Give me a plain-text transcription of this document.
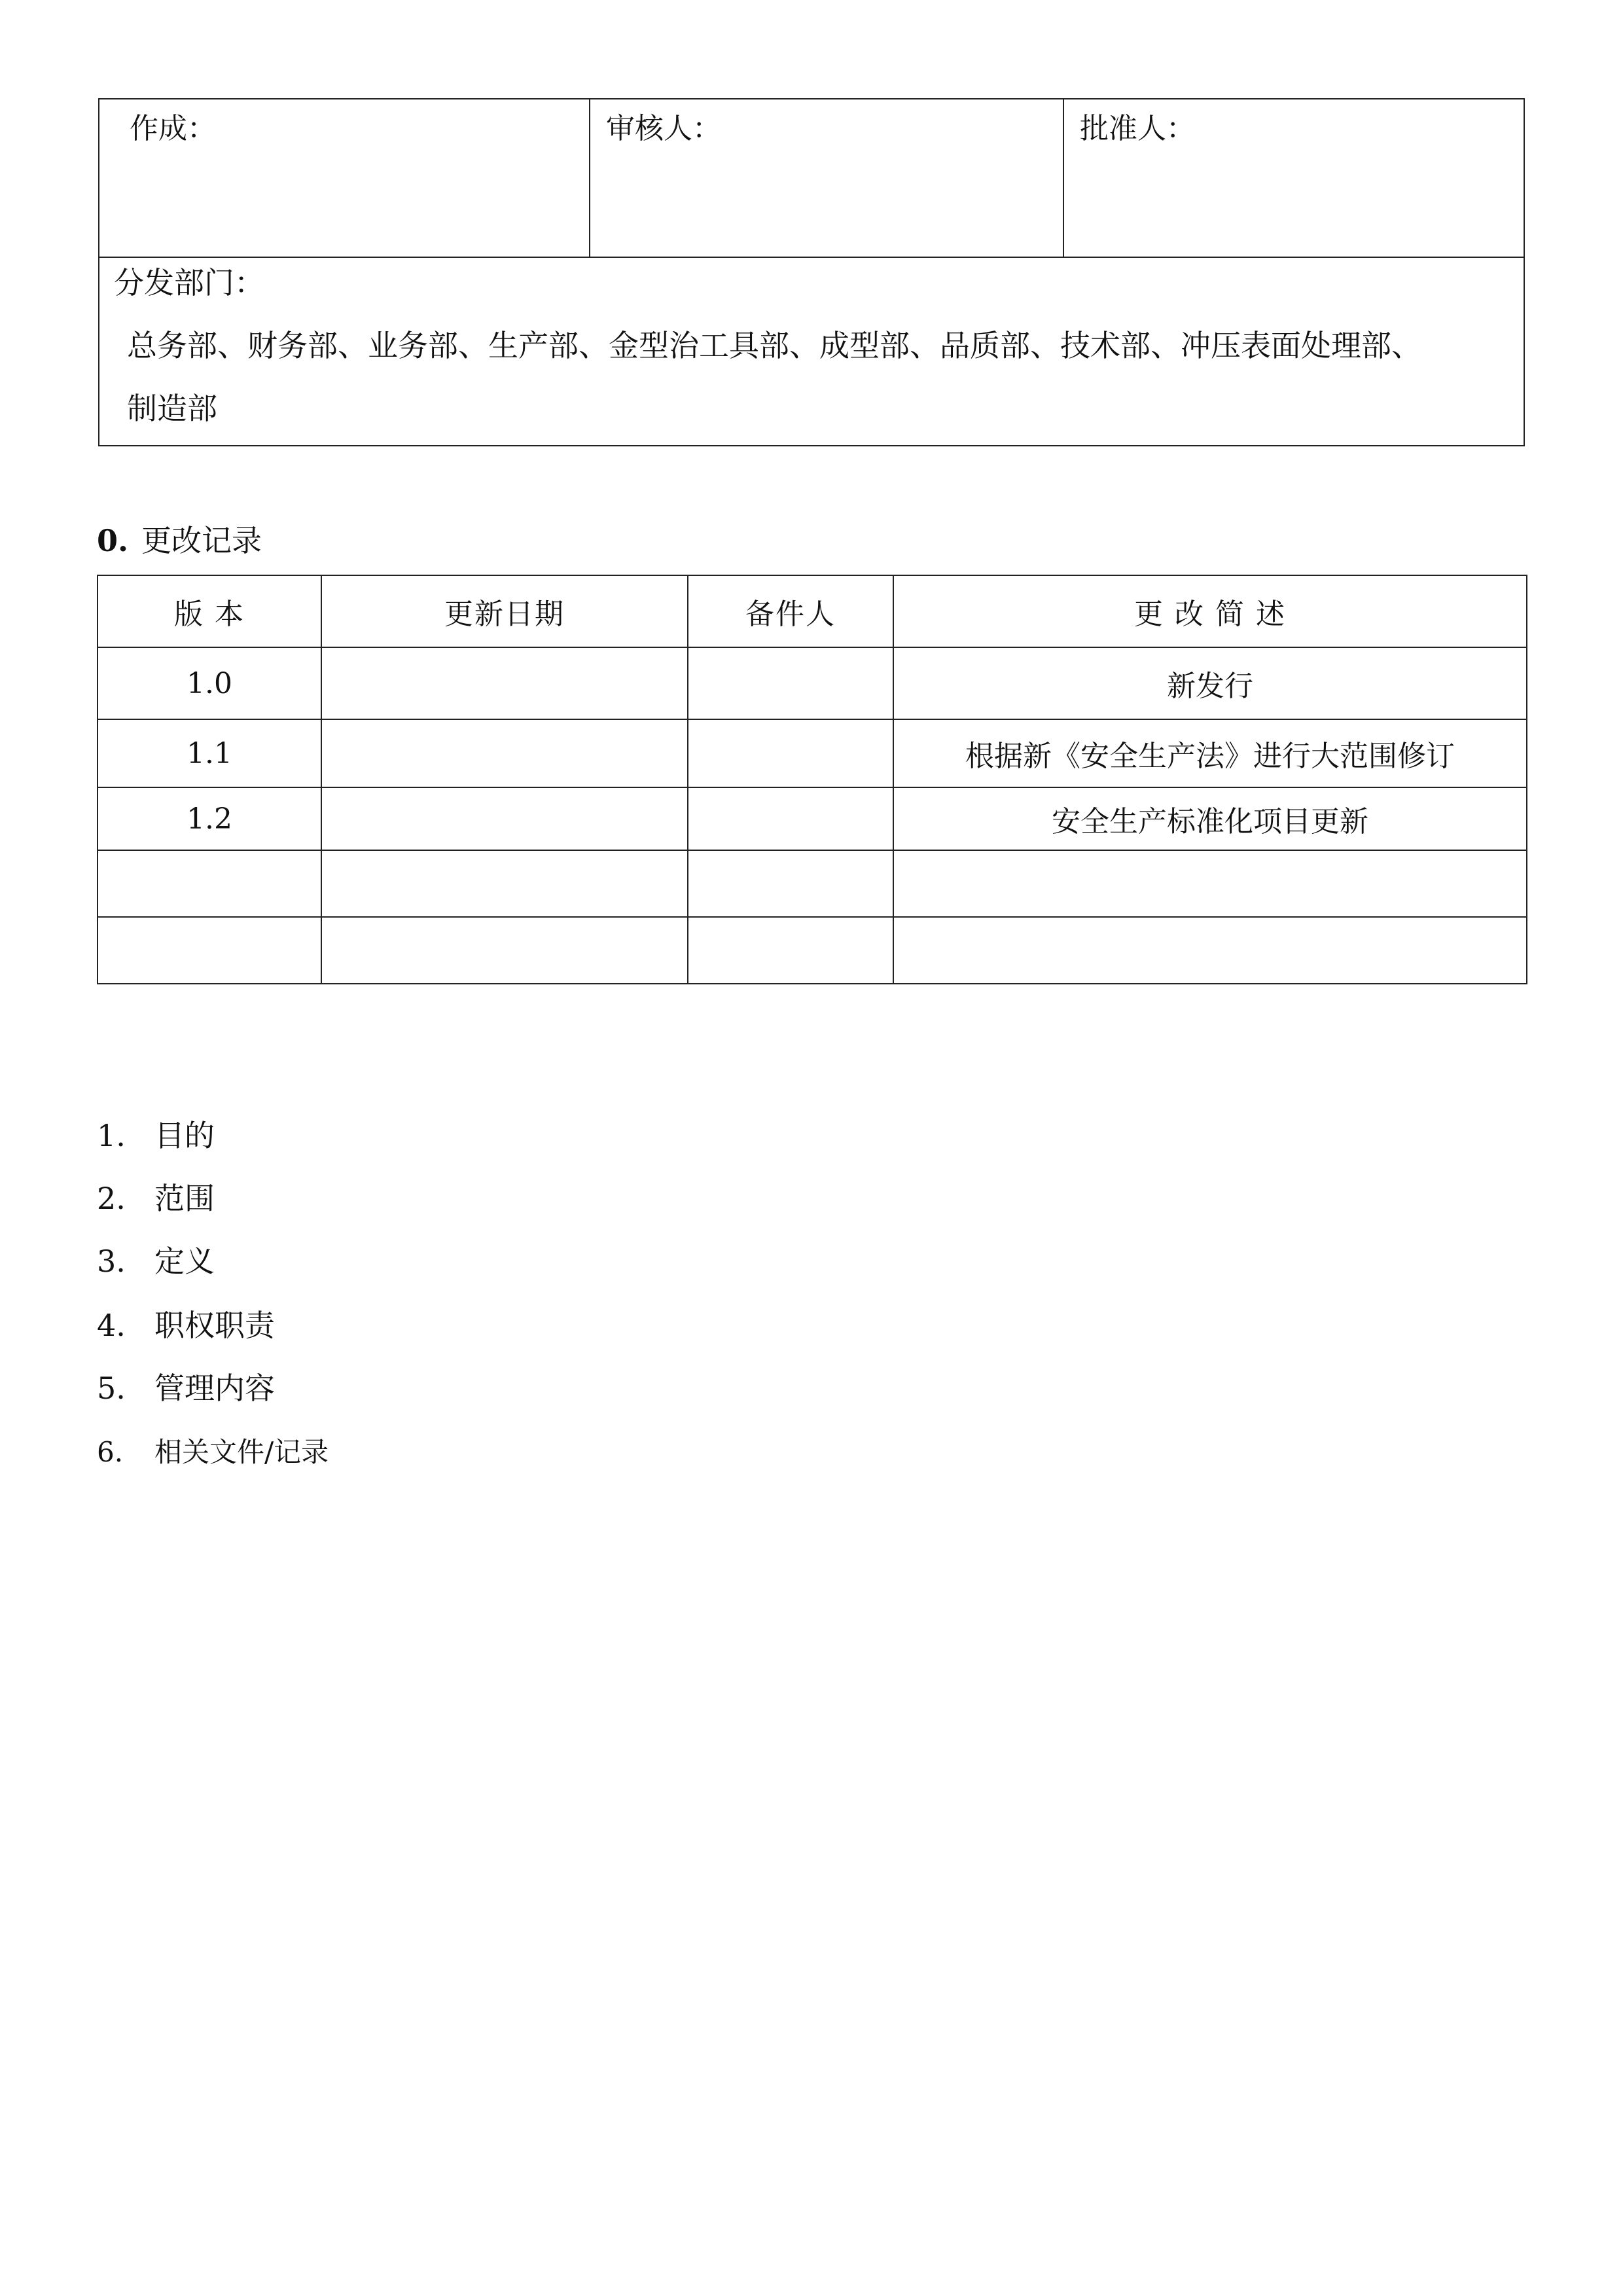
作成：	审核人：	批准人：
分发部门：
总务部、财务部、业务部、生产部、金型治工具部、成型部、品质部、技术部、冲压表面处理部、
制造部
0. 更改记录
版 本	更新日期	备件人	更 改 简 述
1.0			新发行
1.1			根据新《安全生产法》进行大范围修订
1.2			安全生产标准化项目更新

1. 目的
2. 范围
3. 定义
4. 职权职责
5. 管理内容
6. 相关文件/记录
